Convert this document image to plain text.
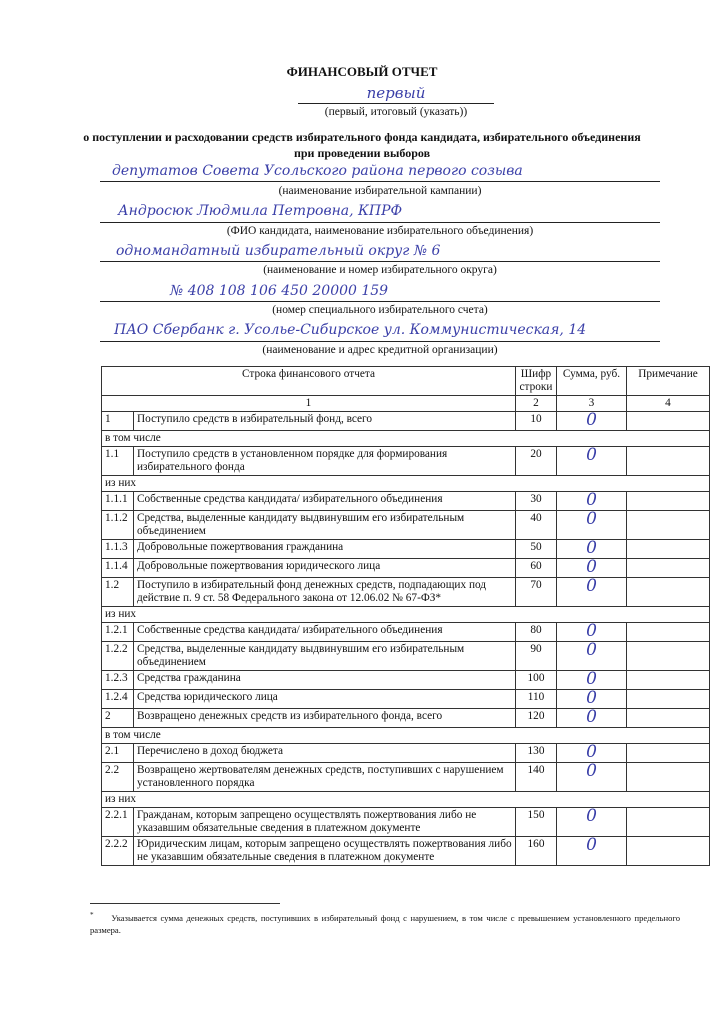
ФИНАНСОВЫЙ ОТЧЕТ
первый
(первый, итоговый (указать))
о поступлении и расходовании средств избирательного фонда кандидата, избирательного объединения
при проведении выборов
депутатов Совета Усольского района первого созыва
(наименование избирательной кампании)
Андросюк Людмила Петровна, КПРФ
(ФИО кандидата, наименование избирательного объединения)
одномандатный избирательный округ № 6
(наименование и номер избирательного округа)
№ 408 108 106 450 20000 159
(номер специального избирательного счета)
ПАО Сбербанк г. Усолье-Сибирское ул. Коммунистическая, 14
(наименование и адрес кредитной организации)
Строка финансового отчета		Шифр строки	Сумма, руб.	Примечание
1		2	3	4
1	Поступило средств в избирательный фонд, всего	10	0	
в том числе				
1.1	Поступило средств в установленном порядке для формирования избирательного фонда	20	0	
из них				
1.1.1	Собственные средства кандидата/ избирательного объединения	30	0	
1.1.2	Средства, выделенные кандидату выдвинувшим его избирательным объединением	40	0	
1.1.3	Добровольные пожертвования гражданина	50	0	
1.1.4	Добровольные пожертвования юридического лица	60	0	
1.2	Поступило в избирательный фонд денежных средств, подпадающих под действие п. 9 ст. 58 Федерального закона от 12.06.02 № 67-ФЗ*	70	0	
из них				
1.2.1	Собственные средства кандидата/ избирательного объединения	80	0	
1.2.2	Средства, выделенные кандидату выдвинувшим его избирательным объединением	90	0	
1.2.3	Средства гражданина	100	0	
1.2.4	Средства юридического лица	110	0	
2	Возвращено денежных средств из избирательного фонда, всего	120	0	
в том числе				
2.1	Перечислено в доход бюджета	130	0	
2.2	Возвращено жертвователям денежных средств, поступивших с нарушением установленного порядка	140	0	
из них				
2.2.1	Гражданам, которым запрещено осуществлять пожертвования либо не указавшим обязательные сведения в платежном документе	150	0	
2.2.2	Юридическим лицам, которым запрещено осуществлять пожертвования либо не указавшим обязательные сведения в платежном документе	160	0	
* Указывается сумма денежных средств, поступивших в избирательный фонд с нарушением, в том числе с превышением установленного предельного размера.
